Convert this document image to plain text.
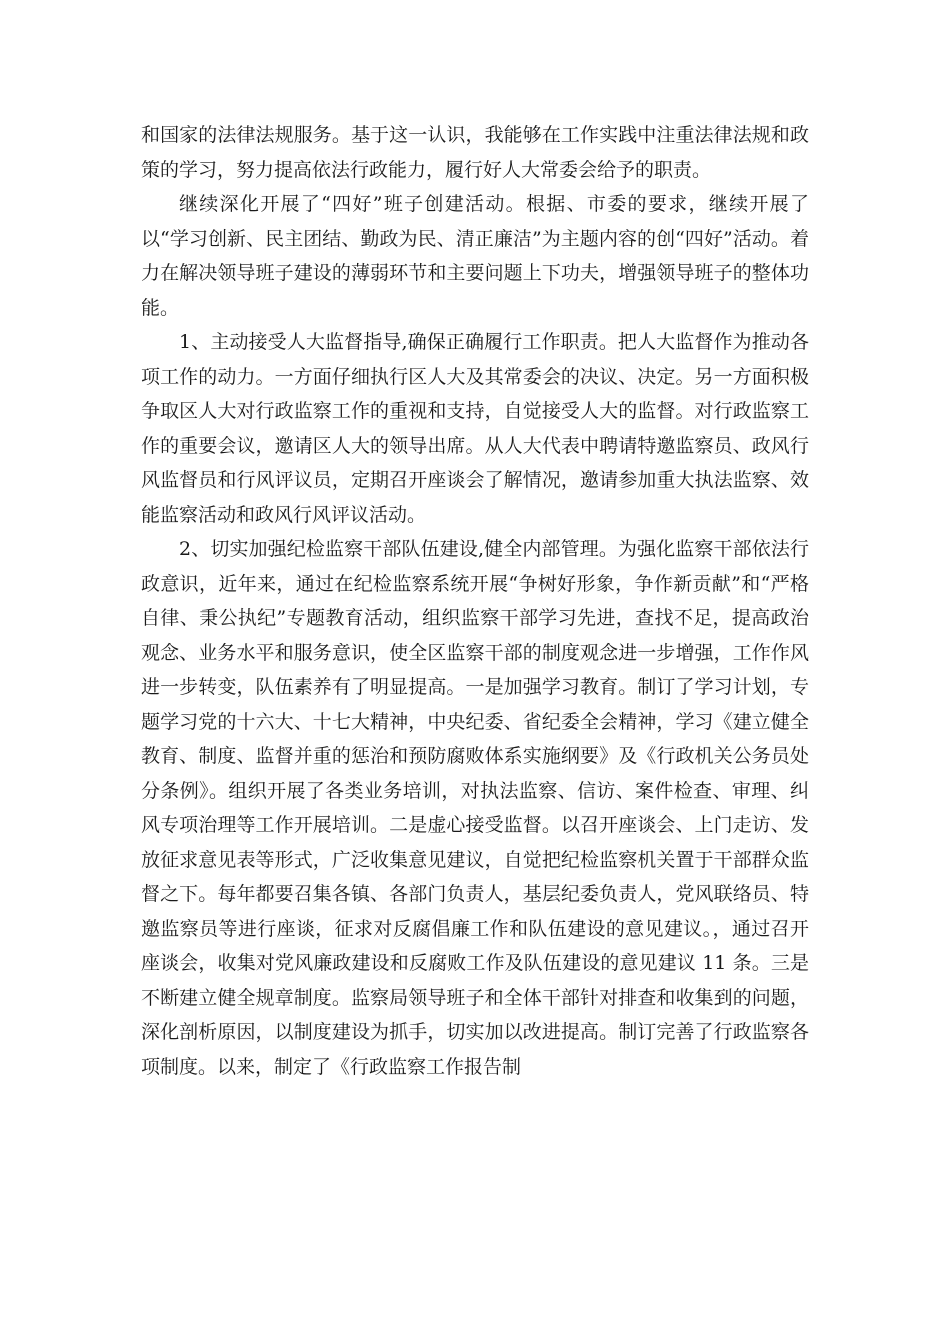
和国家的法律法规服务。基于这一认识，我能够在工作实践中注重法律法规和政策的学习，努力提高依法行政能力，履行好人大常委会给予的职责。

继续深化开展了“四好”班子创建活动。根据、市委的要求，继续开展了以“学习创新、民主团结、勤政为民、清正廉洁”为主题内容的创“四好”活动。着力在解决领导班子建设的薄弱环节和主要问题上下功夫，增强领导班子的整体功能。

1、主动接受人大监督指导,确保正确履行工作职责。把人大监督作为推动各项工作的动力。一方面仔细执行区人大及其常委会的决议、决定。另一方面积极争取区人大对行政监察工作的重视和支持，自觉接受人大的监督。对行政监察工作的重要会议，邀请区人大的领导出席。从人大代表中聘请特邀监察员、政风行风监督员和行风评议员，定期召开座谈会了解情况，邀请参加重大执法监察、效能监察活动和政风行风评议活动。

2、切实加强纪检监察干部队伍建设,健全内部管理。为强化监察干部依法行政意识，近年来，通过在纪检监察系统开展“争树好形象，争作新贡献”和“严格自律、秉公执纪”专题教育活动，组织监察干部学习先进，查找不足，提高政治观念、业务水平和服务意识，使全区监察干部的制度观念进一步增强，工作作风进一步转变，队伍素养有了明显提高。一是加强学习教育。制订了学习计划，专题学习党的十六大、十七大精神，中央纪委、省纪委全会精神，学习《建立健全教育、制度、监督并重的惩治和预防腐败体系实施纲要》及《行政机关公务员处分条例》。组织开展了各类业务培训，对执法监察、信访、案件检查、审理、纠风专项治理等工作开展培训。二是虚心接受监督。以召开座谈会、上门走访、发放征求意见表等形式，广泛收集意见建议，自觉把纪检监察机关置于干部群众监督之下。每年都要召集各镇、各部门负责人，基层纪委负责人，党风联络员、特邀监察员等进行座谈，征求对反腐倡廉工作和队伍建设的意见建议。，通过召开座谈会，收集对党风廉政建设和反腐败工作及队伍建设的意见建议 11 条。三是不断建立健全规章制度。监察局领导班子和全体干部针对排查和收集到的问题，深化剖析原因，以制度建设为抓手，切实加以改进提高。制订完善了行政监察各项制度。以来，制定了《行政监察工作报告制
